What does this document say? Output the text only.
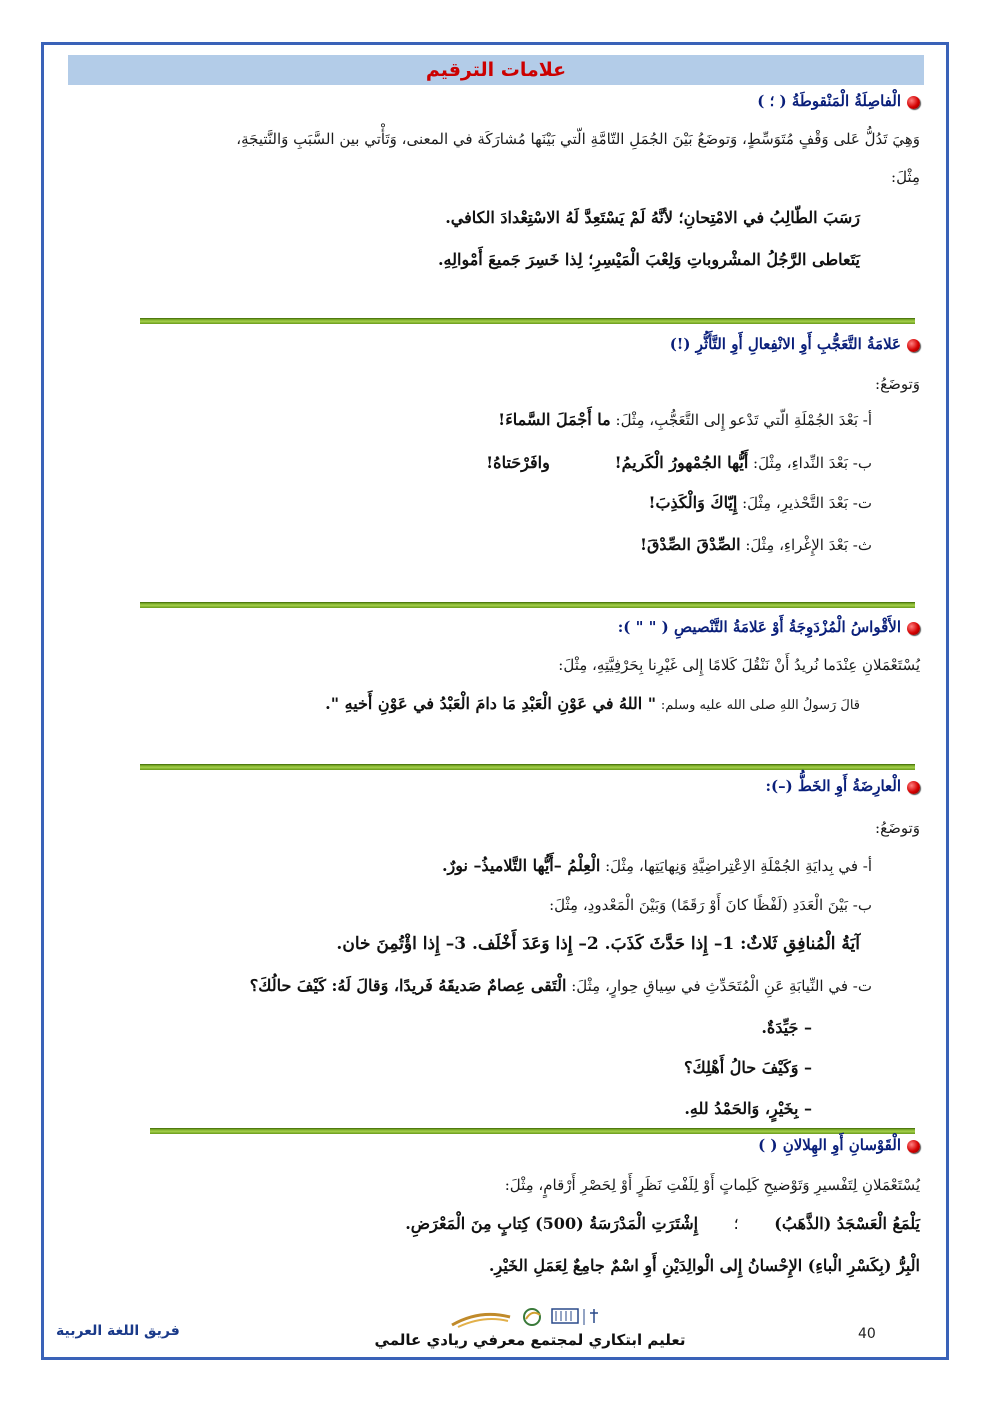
علامات الترقيم
الْفاصِلَةُ الْمَنْقوطَةُ ( ؛ )
وَهِيَ تَدُلُّ عَلى وَقْفٍ مُتَوَسِّطٍ، وَتوضَعُ بَيْنَ الجُمَلِ التّامَّةِ الّتي بَيْنَها مُشارَكَة في المعنى، وَتَأْتي بين السَّبَبِ وَالنَّتيجَةِ،
مِثْلَ:
رَسَبَ الطّالِبُ في الامْتِحانِ؛ لأنَّهُ لَمْ يَسْتَعِدَّ لَهُ الاسْتِعْدادَ الكافي.
يَتَعاطى الرَّجُلُ المشْروباتِ وَلِعْبَ الْمَيْسِرِ؛ لِذا خَسِرَ جَميعَ أَمْوالِهِ.
عَلامَةُ التَّعَجُّبِ أَوِ الانْفِعالِ أَوِ التَّأَثُّرِ (!)
وَتوضَعُ:
أ- بَعْدَ الجُمْلَةِ الّتي تَدْعو إِلى التَّعَجُّبِ، مِثْلَ: ما أَجْمَلَ السَّماءَ!
ب- بَعْدَ النِّداءِ، مِثْلَ: أَيُّها الجُمْهورُ الْكَريمُ! وافَرْحَتاهُ!
ت- بَعْدَ التَّحْذيرِ، مِثْلَ: إِيّاكَ وَالْكَذِبَ!
ث- بَعْدَ الإِغْراءِ، مِثْلَ: الصِّدْقَ الصِّدْقَ!
الأَقْواسُ الْمُزْدَوِجَةُ أَوْ عَلامَةُ التَّنْصيصِ ( " " ):
يُسْتَعْمَلانِ عِنْدَما نُريدُ أَنْ نَنْقُلَ كَلامًا إِلى غَيْرِنا بِحَرْفِيَّتِهِ، مِثْلَ:
قالَ رَسولُ اللهِ صلى الله عليه وسلم: " اللهُ في عَوْنِ الْعَبْدِ مَا دامَ الْعَبْدُ في عَوْنِ أَخيهِ ".
الْعارِضَةُ أَوِ الخَطُّ (–):
وَتوضَعُ:
أ- في بِدايَةِ الجُمْلَةِ الاِعْتِراضِيَّةِ وَنِهايَتِها، مِثْلَ: الْعِلْمُ –أَيُّها التَّلاميذُ– نورٌ.
ب- بَيْنَ الْعَدَدِ (لَفْظًا كانَ أَوْ رَقَمًا) وَبَيْنَ الْمَعْدودِ، مِثْلَ:
آيَةُ الْمُنافِقِ ثَلاثٌ: 1– إِذا حَدَّثَ كَذَبَ. 2– إِذا وَعَدَ أَخْلَف. 3– إِذا اؤْتُمِنَ خان.
ت- في النِّيابَةِ عَنِ الْمُتَحَدِّثِ في سِياقِ حِوارٍ، مِثْلَ: الْتَقى عِصامٌ صَديقَهُ فَريدًا، وَقالَ لَهُ: كَيْفَ حالُكَ؟
– جَيِّدَةٌ.
– وَكَيْفَ حالُ أَهْلِكَ؟
– بِخَيْرٍ، وَالحَمْدُ للهِ.
الْقَوْسانِ أَوِ الهِلالانِ ( )
يُسْتَعْمَلانِ لِتَفْسيرِ وَتَوْضيحِ كَلِماتٍ أَوْ لِلَفْتِ نَظَرٍ أَوْ لِحَصْرِ أَرْقامٍ، مِثْلَ:
يَلْمَعُ الْعَسْجَدُ (الذَّهَبُ) ؛ إِشْتَرَتِ الْمَدْرَسَةُ (500) كِتابٍ مِنَ الْمَعْرَضِ.
الْبِرُّ (بِكَسْرِ الْباءِ) الإِحْسانُ إِلى الْوالِدَيْنِ أَوِ اسْمٌ جامِعٌ لِعَمَلِ الخَيْرِ.
فريق اللغة العربية	تعليم ابتكاري لمجتمع معرفي ريادي عالمي	40
